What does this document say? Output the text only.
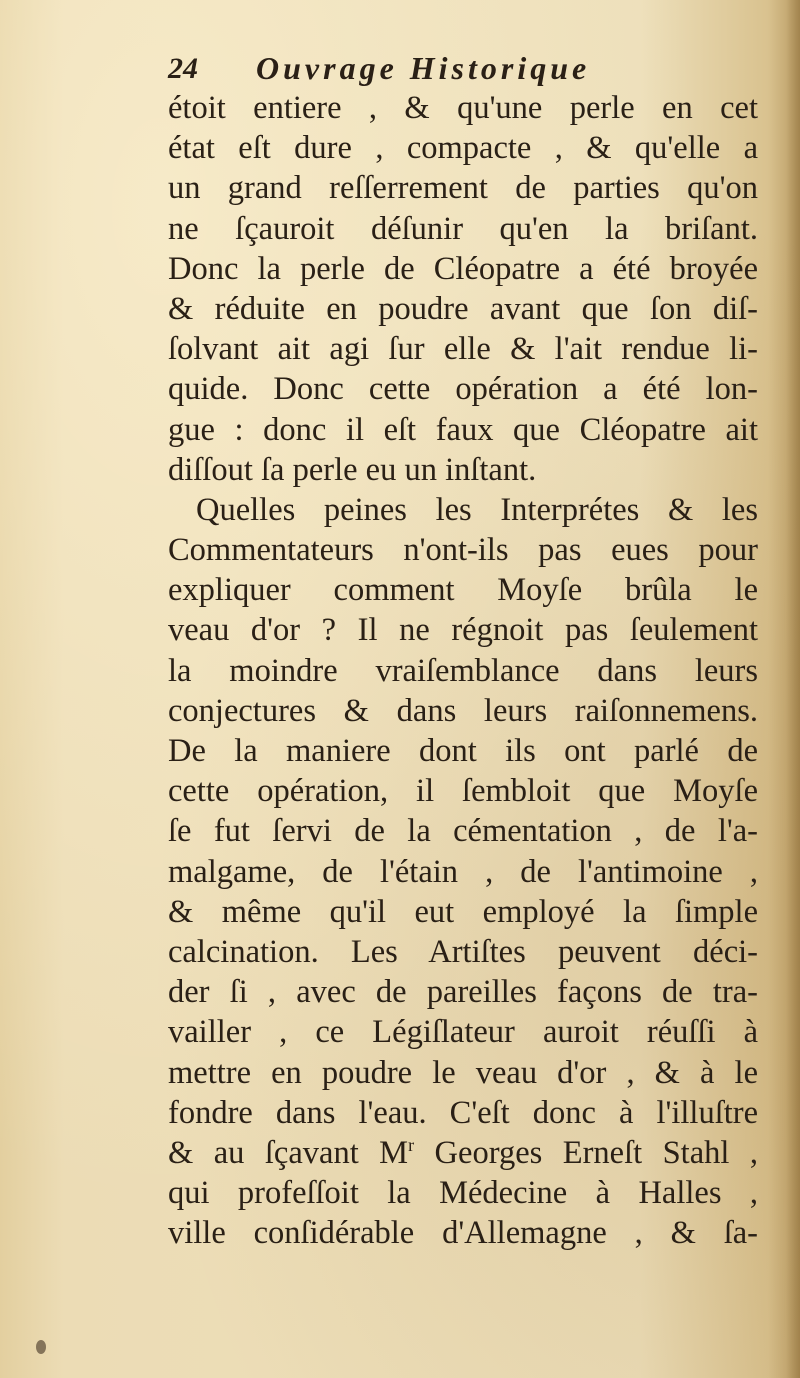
24 Ouvrage Historique
étoit entiere , & qu'une perle en cet
état eſt dure , compacte , & qu'elle a
un grand reſſerrement de parties qu'on
ne ſçauroit déſunir qu'en la briſant.
Donc la perle de Cléopatre a été broyée
& réduite en poudre avant que ſon diſ-
ſolvant ait agi ſur elle & l'ait rendue li-
quide. Donc cette opération a été lon-
gue : donc il eſt faux que Cléopatre ait
diſſout ſa perle eu un inſtant.
Quelles peines les Interprétes & les
Commentateurs n'ont-ils pas eues pour
expliquer comment Moyſe brûla le
veau d'or ? Il ne régnoit pas ſeulement
la moindre vraiſemblance dans leurs
conjectures & dans leurs raiſonnemens.
De la maniere dont ils ont parlé de
cette opération, il ſembloit que Moyſe
ſe fut ſervi de la cémentation , de l'a-
malgame, de l'étain , de l'antimoine ,
& même qu'il eut employé la ſimple
calcination. Les Artiſtes peuvent déci-
der ſi , avec de pareilles façons de tra-
vailler , ce Légiſlateur auroit réuſſi à
mettre en poudre le veau d'or , & à le
fondre dans l'eau. C'eſt donc à l'illuſtre
& au ſçavant $M^r$ Georges Erneſt Stahl ,
qui profeſſoit la Médecine à Halles ,
ville conſidérable d'Allemagne , & ſa-
